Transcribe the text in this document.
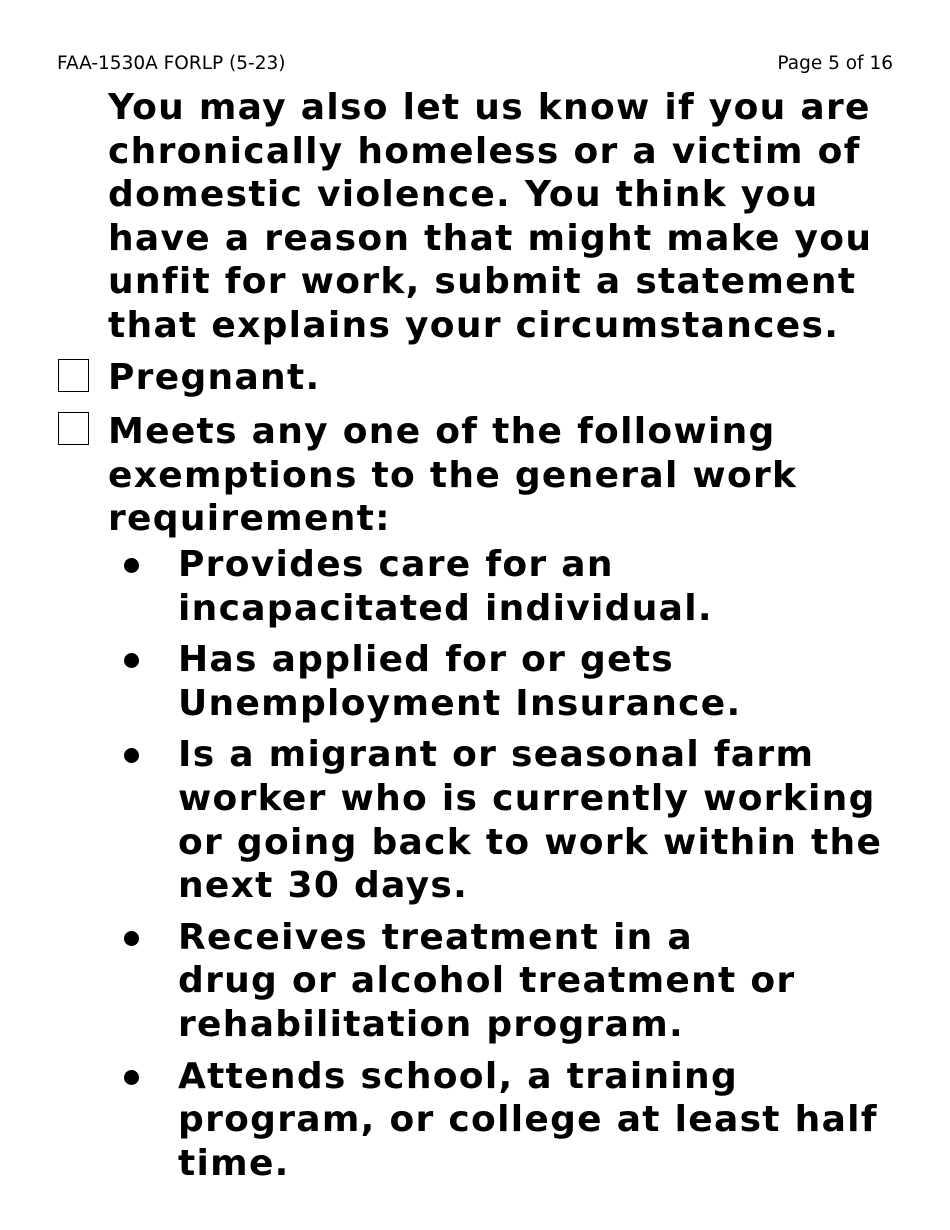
FAA-1530A FORLP (5-23)	Page 5 of 16
You may also let us know if you are
chronically homeless or a victim of
domestic violence. You think you
have a reason that might make you
unfit for work, submit a statement
that explains your circumstances.
Pregnant.
Meets any one of the following
exemptions to the general work
requirement:
Provides care for an
incapacitated individual.
Has applied for or gets
Unemployment Insurance.
Is a migrant or seasonal farm
worker who is currently working
or going back to work within the
next 30 days.
Receives treatment in a
drug or alcohol treatment or
rehabilitation program.
Attends school, a training
program, or college at least half
time.
